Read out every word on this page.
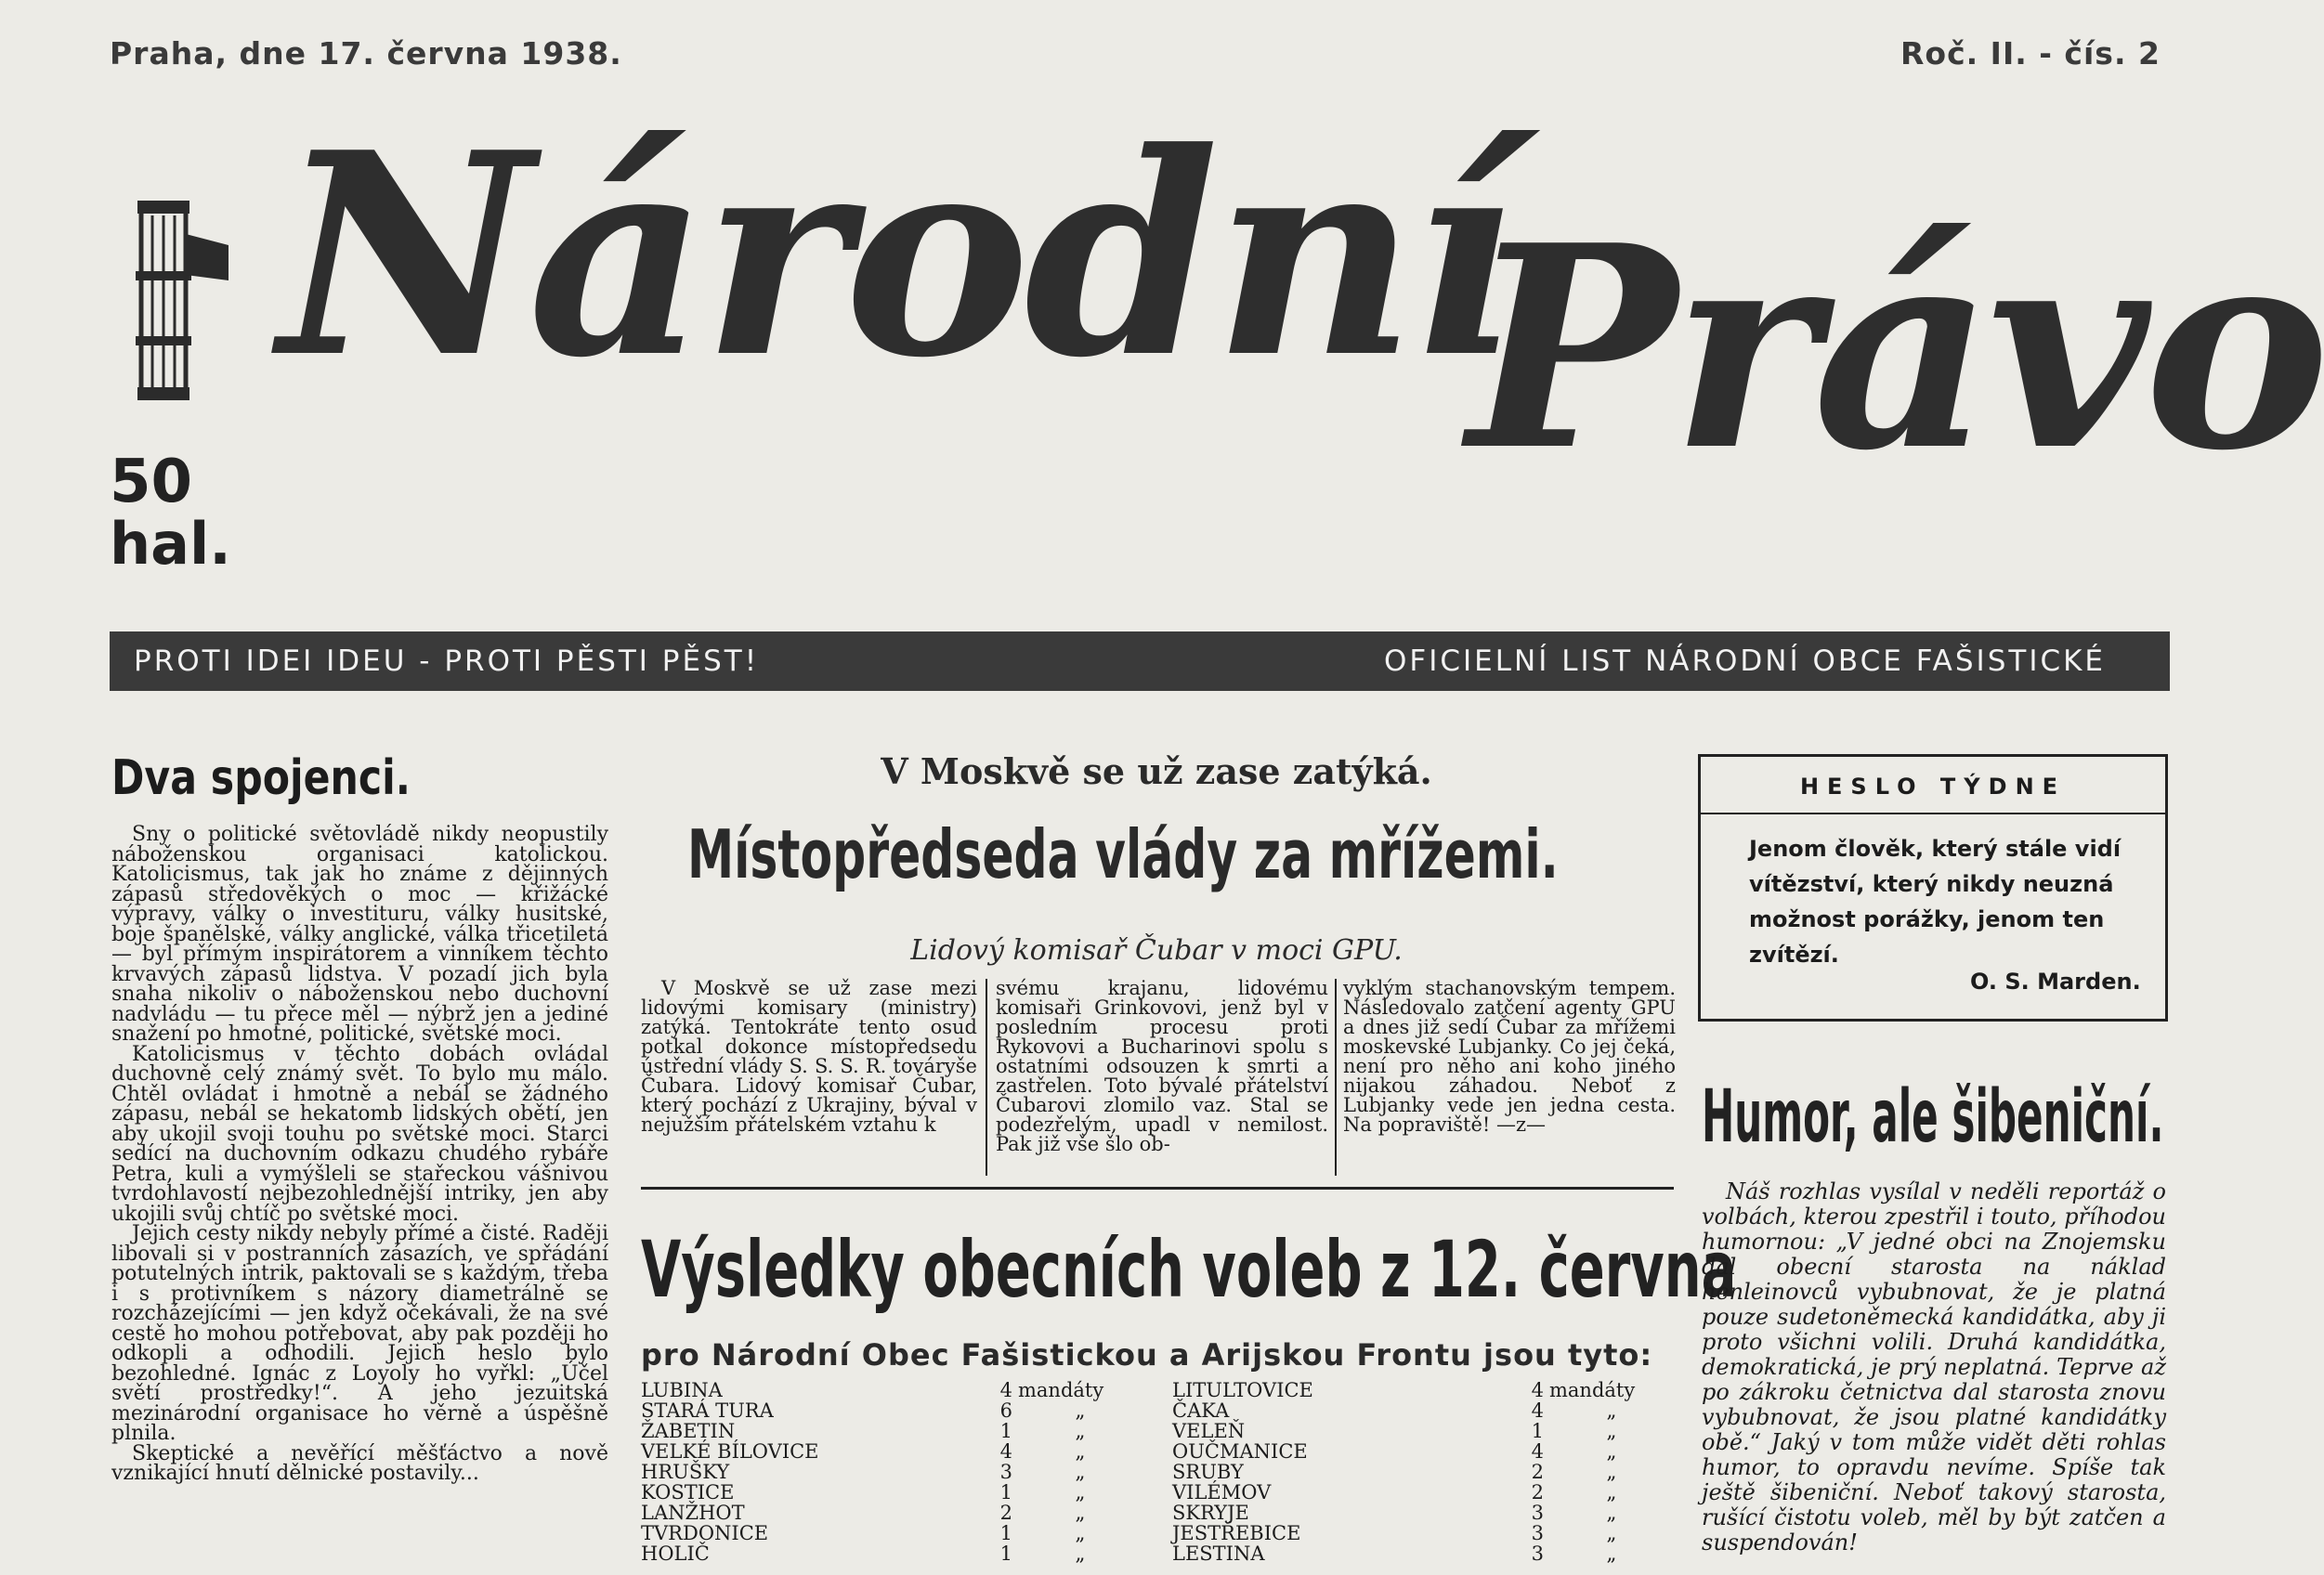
Praha, dne 17. června 1938.	Roč. II. - čís. 2
50
hal.
Národní
Právo
PROTI IDEI IDEU - PROTI PĚSTI PĚST!	OFICIELNÍ LIST NÁRODNÍ OBCE FAŠISTICKÉ
Dva spojenci.

Sny o politické světovládě nikdy neopustily náboženskou organisaci katolickou. Katolicismus, tak jak ho známe z dějinných zápasů středověkých o moc — křižácké výpravy, války o investituru, války husitské, boje španělské, války anglické, válka třicetiletá — byl přímým inspirátorem a vinníkem těchto krvavých zápasů lidstva. V pozadí jich byla snaha nikoliv o náboženskou nebo duchovní nadvládu — tu přece měl — nýbrž jen a jediné snažení po hmotné, politické, světské moci.

Katolicismus v těchto dobách ovládal duchovně celý známý svět. To bylo mu málo. Chtěl ovládat i hmotně a nebál se žádného zápasu, nebál se hekatomb lidských obětí, jen aby ukojil svoji touhu po světské moci. Starci sedící na duchovním odkazu chudého rybáře Petra, kuli a vymýšleli se stařeckou vášnivou tvrdohlavostí nejbezohlednější intriky, jen aby ukojili svůj chtíč po světské moci.

Jejich cesty nikdy nebyly přímé a čisté. Raději libovali si v postranních zásazích, ve spřádání potutelných intrik, paktovali se s každým, třeba i s protivníkem s názory diametrálně se rozcházejícími — jen když očekávali, že na své cestě ho mohou potřebovat, aby pak později ho odkopli a odhodili. Jejich heslo bylo bezohledné. Ignác z Loyoly ho vyřkl: „Účel světí prostředky!“. A jeho jezuitská mezinárodní organisace ho věrně a úspěšně plnila.

Skeptické a nevěřící měšťáctvo a nově vznikající hnutí dělnické postavily...

V Moskvě se už zase zatýká.
Místopředseda vlády za mřížemi.
Lidový komisař Čubar v moci GPU.
V Moskvě se už zase mezi lidovými komisary (ministry) zatýká. Tentokráte tento osud potkal dokonce místopředsedu ústřední vlády S. S. S. R. továryše Čubara. Lidový komisař Čubar, který pochází z Ukrajiny, býval v nejužším přátelském vztahu k
svému krajanu, lidovému komisaři Grinkovovi, jenž byl v posledním procesu proti Rykovovi a Bucharinovi spolu s ostatními odsouzen k smrti a zastřelen. Toto bývalé přátelství Čubarovi zlomilo vaz. Stal se podezřelým, upadl v nemilost. Pak již vše šlo ob-
vyklým stachanovským tempem. Následovalo zatčení agenty GPU a dnes již sedí Čubar za mřížemi moskevské Lubjanky. Co jej čeká, není pro něho ani koho jiného nijakou záhadou. Neboť z Lubjanky vede jen jedna cesta. Na popraviště! —z—
Výsledky obecních voleb z 12. června
pro Národní Obec Fašistickou a Arijskou Frontu jsou tyto:
LUBINA	4	mandáty
STARÁ TURA	6	„
ŽABETIN	1	„
VELKÉ BÍLOVICE	4	„
HRUŠKY	3	„
KOSTICE	1	„
LANŽHOT	2	„
TVRDONICE	1	„
HOLIČ	1	„
LITULTOVICE	4	mandáty
ČAKA	4	„
VELEŇ	1	„
OUČMANICE	4	„
SRUBY	2	„
VILÉMOV	2	„
SKRYJE	3	„
JESTŘEBICE	3	„
LESTINA	3	„
HESLO TÝDNE
Jenom člověk, který stále vidí vítězství, který nikdy neuzná možnost porážky, jenom ten zvítězí.
O. S. Marden.
Humor, ale šibeniční.
Náš rozhlas vysílal v neděli reportáž o volbách, kterou zpestřil i touto, příhodou humornou: „V jedné obci na Znojemsku dal obecní starosta na náklad henleinovců vybubnovat, že je platná pouze sudetoněmecká kandidátka, aby ji proto všichni volili. Druhá kandidátka, demokratická, je prý neplatná. Teprve až po zákroku četnictva dal starosta znovu vybubnovat, že jsou platné kandidátky obě.“ Jaký v tom může vidět děti rohlas humor, to opravdu nevíme. Spíše tak ještě šibeniční. Neboť takový starosta, rušící čistotu voleb, měl by být zatčen a suspendován!
